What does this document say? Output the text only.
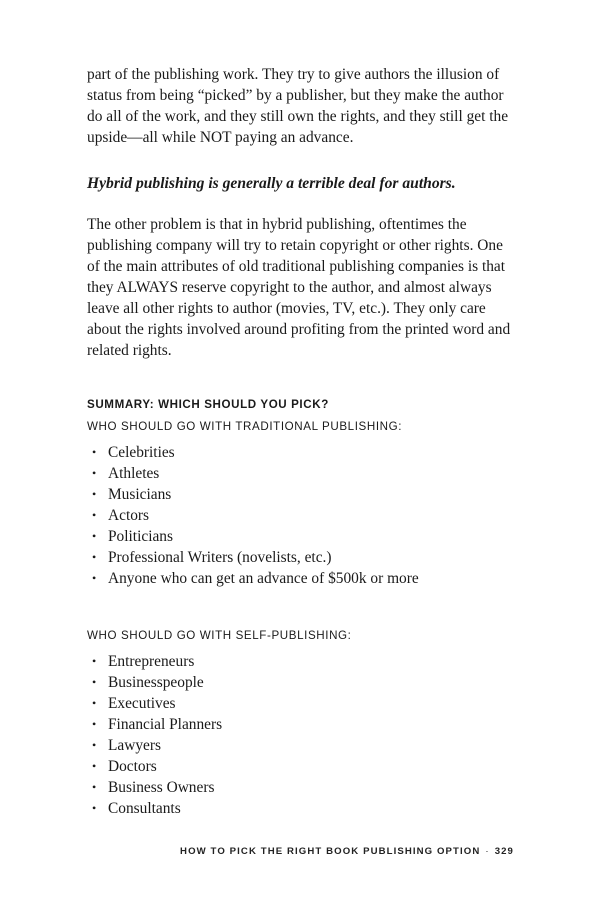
part of the publishing work. They try to give authors the illusion of status from being “picked” by a publisher, but they make the author do all of the work, and they still own the rights, and they still get the upside—all while NOT paying an advance.

Hybrid publishing is generally a terrible deal for authors.

The other problem is that in hybrid publishing, oftentimes the publishing company will try to retain copyright or other rights. One of the main attributes of old traditional publishing companies is that they ALWAYS reserve copyright to the author, and almost always leave all other rights to author (movies, TV, etc.). They only care about the rights involved around profiting from the printed word and related rights.

SUMMARY: WHICH SHOULD YOU PICK?

WHO SHOULD GO WITH TRADITIONAL PUBLISHING:

• Celebrities
• Athletes
• Musicians
• Actors
• Politicians
• Professional Writers (novelists, etc.)
• Anyone who can get an advance of $500k or more

WHO SHOULD GO WITH SELF-PUBLISHING:

• Entrepreneurs
• Businesspeople
• Executives
• Financial Planners
• Lawyers
• Doctors
• Business Owners
• Consultants

HOW TO PICK THE RIGHT BOOK PUBLISHING OPTION · 329
